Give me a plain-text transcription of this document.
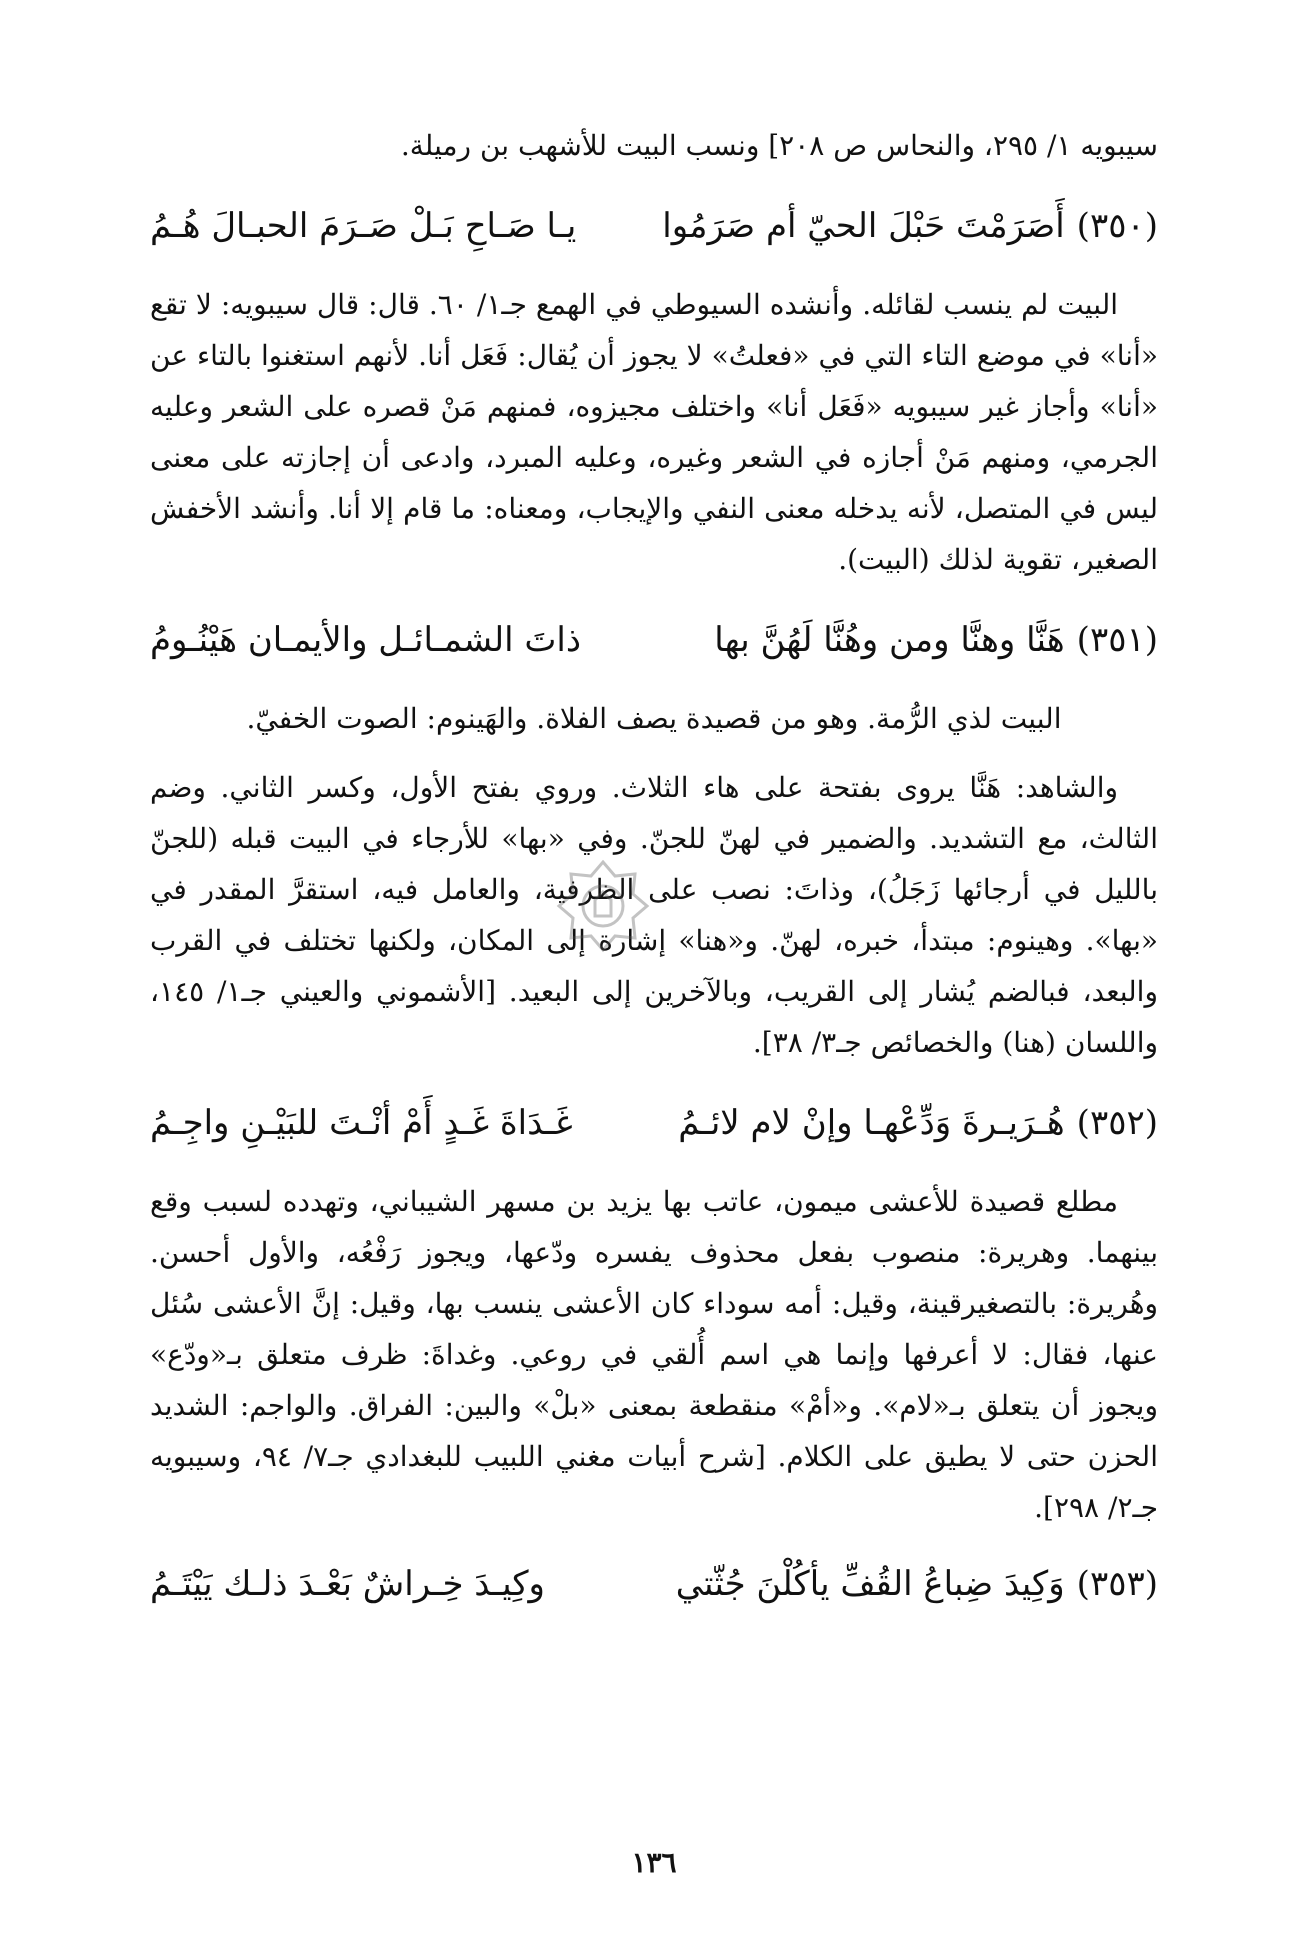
سيبويه ١/ ٢٩٥، والنحاس ص ٢٠٨] ونسب البيت للأشهب بن رميلة.

(٣٥٠)أَصَرَمْتَ حَبْلَ الحيّ أم صَرَمُوا
يـا صَـاحِ بَـلْ صَـرَمَ الحبـالَ هُـمُ

البيت لم ينسب لقائله. وأنشده السيوطي في الهمع جـ١/ ٦٠. قال: قال سيبويه: لا تقع «أنا» في موضع التاء التي في «فعلتُ» لا يجوز أن يُقال: فَعَل أنا. لأنهم استغنوا بالتاء عن «أنا» وأجاز غير سيبويه «فَعَل أنا» واختلف مجيزوه، فمنهم مَنْ قصره على الشعر وعليه الجرمي، ومنهم مَنْ أجازه في الشعر وغيره، وعليه المبرد، وادعى أن إجازته على معنى ليس في المتصل، لأنه يدخله معنى النفي والإيجاب، ومعناه: ما قام إلا أنا. وأنشد الأخفش الصغير، تقوية لذلك (البيت).

(٣٥١)هَنَّا وهنَّا ومن وهُنَّا لَهُنَّ بها
ذاتَ الشمـائـل والأيمـان هَيْنُـومُ

البيت لذي الرُّمة. وهو من قصيدة يصف الفلاة. والهَينوم: الصوت الخفيّ.

والشاهد: هَنَّا يروى بفتحة على هاء الثلاث. وروي بفتح الأول، وكسر الثاني. وضم الثالث، مع التشديد. والضمير في لهنّ للجنّ. وفي «بها» للأرجاء في البيت قبله (للجنّ بالليل في أرجائها زَجَلُ)، وذاتَ: نصب على الظرفية، والعامل فيه، استقرَّ المقدر في «بها». وهينوم: مبتدأ، خبره، لهنّ. و«هنا» إشارة إلى المكان، ولكنها تختلف في القرب والبعد، فبالضم يُشار إلى القريب، وبالآخرين إلى البعيد. [الأشموني والعيني جـ١/ ١٤٥، واللسان (هنا) والخصائص جـ٣/ ٣٨].

(٣٥٢)هُـرَيـرةَ وَدِّعْهـا وإنْ لام لائـمُ
غَـدَاةَ غَـدٍ أَمْ أنْـتَ للبَيْـنِ واجِـمُ

مطلع قصيدة للأعشى ميمون، عاتب بها يزيد بن مسهر الشيباني، وتهدده لسبب وقع بينهما. وهريرة: منصوب بفعل محذوف يفسره ودّعها، ويجوز رَفْعُه، والأول أحسن. وهُريرة: بالتصغيرقينة، وقيل: أمه سوداء كان الأعشى ينسب بها، وقيل: إنَّ الأعشى سُئل عنها، فقال: لا أعرفها وإنما هي اسم أُلقي في روعي. وغداةَ: ظرف متعلق بـ«ودّع» ويجوز أن يتعلق بـ«لام». و«أمْ» منقطعة بمعنى «بلْ» والبين: الفراق. والواجم: الشديد الحزن حتى لا يطيق على الكلام. [شرح أبيات مغني اللبيب للبغدادي جـ٧/ ٩٤، وسيبويه جـ٢/ ٢٩٨].

(٣٥٣)وَكِيدَ ضِباعُ القُفِّ يأكُلْنَ جُثّتي
وكِيـدَ خِـراشٌ بَعْـدَ ذلـك يَيْتَـمُ
١٣٦
